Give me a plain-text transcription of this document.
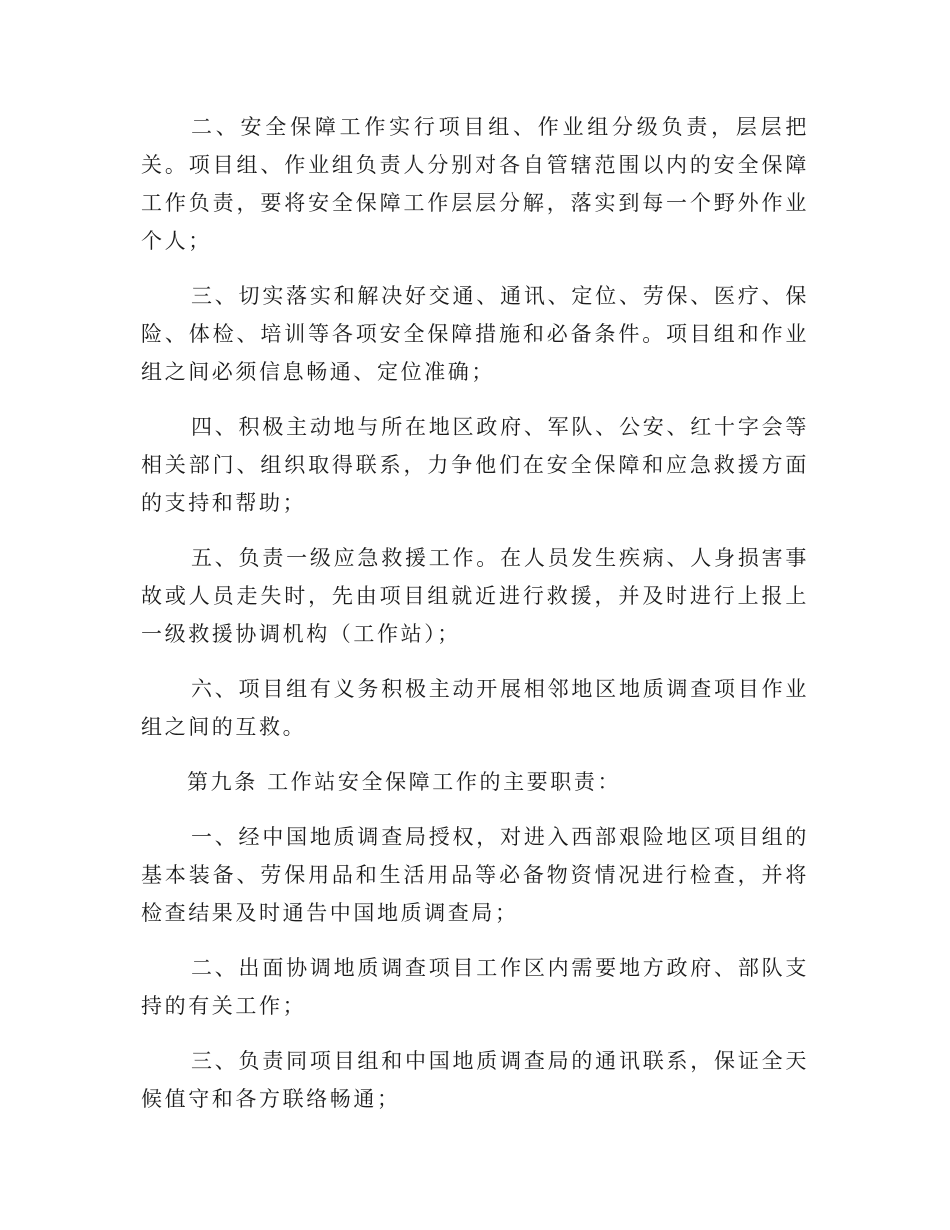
二、安全保障工作实行项目组、作业组分级负责，层层把关。项目组、作业组负责人分别对各自管辖范围以内的安全保障工作负责，要将安全保障工作层层分解，落实到每一个野外作业个人；

三、切实落实和解决好交通、通讯、定位、劳保、医疗、保险、体检、培训等各项安全保障措施和必备条件。项目组和作业组之间必须信息畅通、定位准确；

四、积极主动地与所在地区政府、军队、公安、红十字会等相关部门、组织取得联系，力争他们在安全保障和应急救援方面的支持和帮助；

五、负责一级应急救援工作。在人员发生疾病、人身损害事故或人员走失时，先由项目组就近进行救援，并及时进行上报上一级救援协调机构（工作站）；

六、项目组有义务积极主动开展相邻地区地质调查项目作业组之间的互救。

第九条 工作站安全保障工作的主要职责：

一、经中国地质调查局授权，对进入西部艰险地区项目组的基本装备、劳保用品和生活用品等必备物资情况进行检查，并将检查结果及时通告中国地质调查局；

二、出面协调地质调查项目工作区内需要地方政府、部队支持的有关工作；

三、负责同项目组和中国地质调查局的通讯联系，保证全天候值守和各方联络畅通；
